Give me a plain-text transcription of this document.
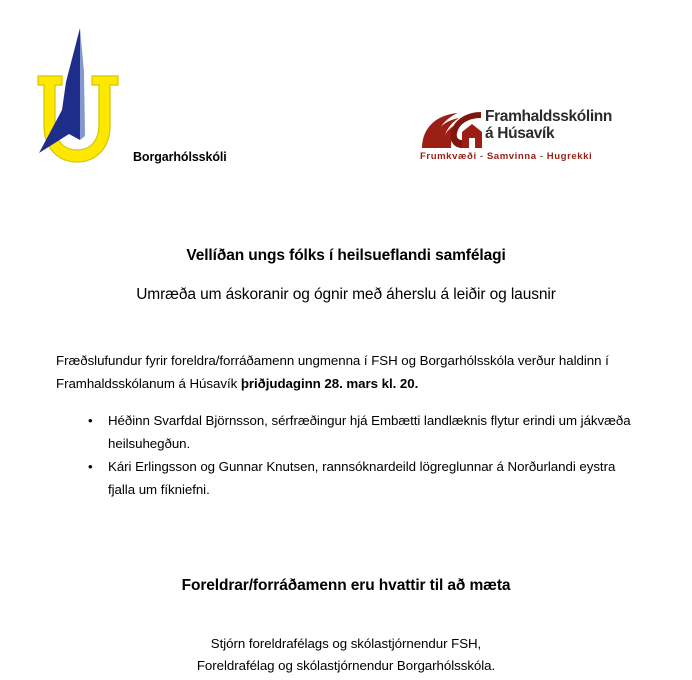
Borgarhólsskóli
Framhaldsskólinn
á Húsavík
Frumkvæði - Samvinna - Hugrekki
Vellíðan ungs fólks í heilsueflandi samfélagi

Umræða um áskoranir og ógnir með áherslu á leiðir og lausnir

Fræðslufundur fyrir foreldra/forráðamenn ungmenna í FSH og Borgarhólsskóla verður haldinn í Framhaldsskólanum á Húsavík þriðjudaginn 28. mars kl. 20.

• Héðinn Svarfdal Björnsson, sérfræðingur hjá Embætti landlæknis flytur erindi um jákvæða heilsuhegðun.
• Kári Erlingsson og Gunnar Knutsen, rannsóknardeild lögreglunnar á Norðurlandi eystra fjalla um fíkniefni.

Foreldrar/forráðamenn eru hvattir til að mæta

Stjórn foreldrafélags og skólastjórnendur FSH,
Foreldrafélag og skólastjórnendur Borgarhólsskóla.
